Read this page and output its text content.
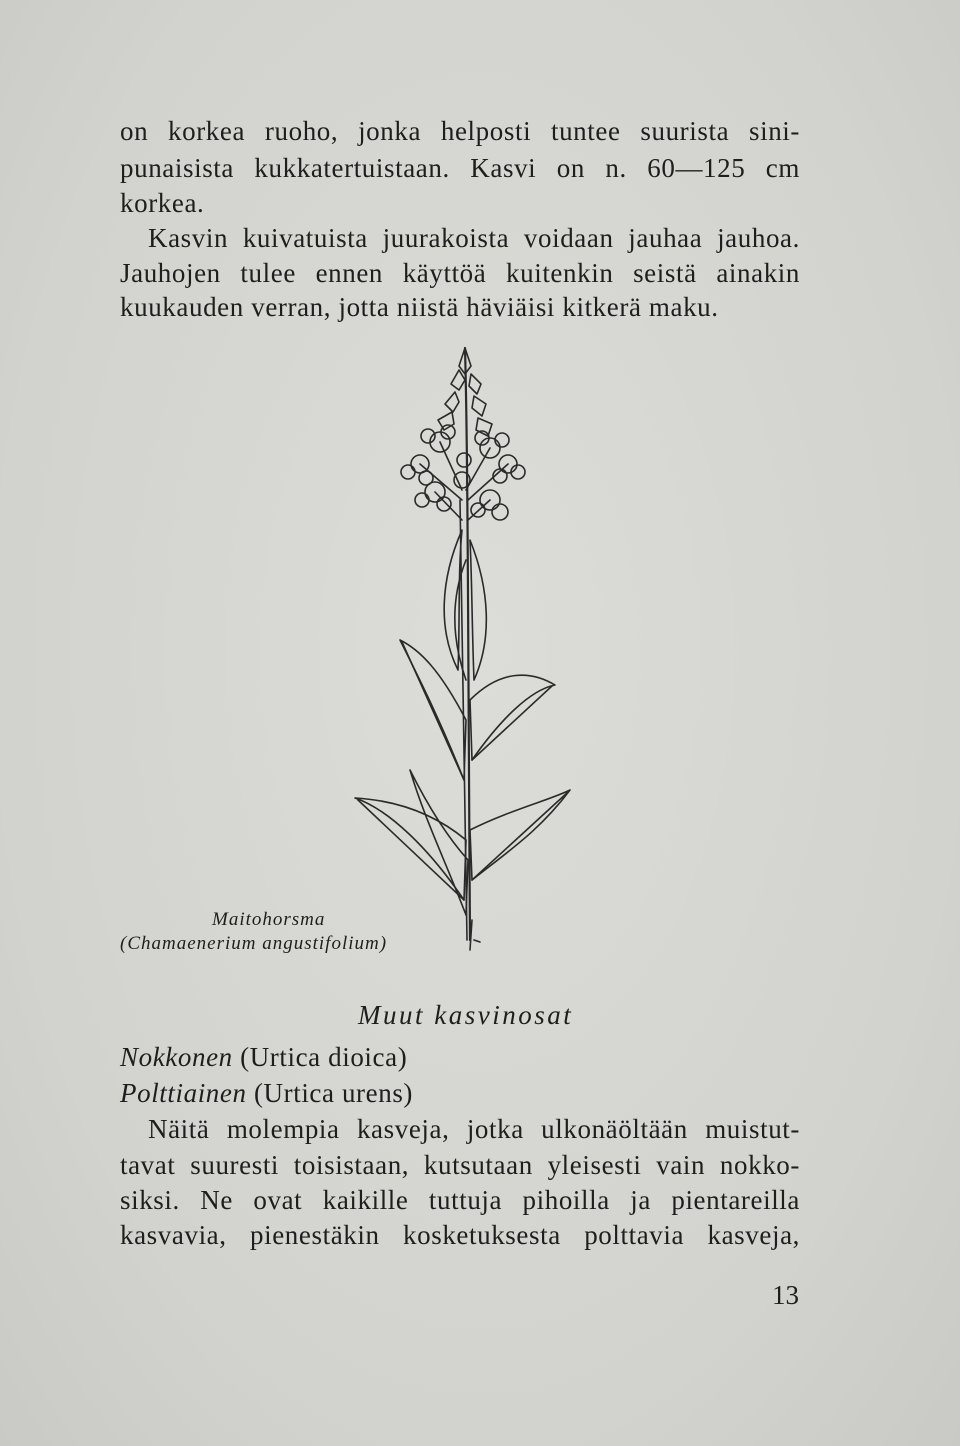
on korkea ruoho, jonka helposti tuntee suurista sini-
punaisista kukkatertuistaan. Kasvi on n. 60—125 cm
korkea.
Kasvin kuivatuista juurakoista voidaan jauhaa jauhoa.
Jauhojen tulee ennen käyttöä kuitenkin seistä ainakin
kuukauden verran, jotta niistä häviäisi kitkerä maku.
Maitohorsma
(Chamaenerium angustifolium)
Muut kasvinosat
Nokkonen (Urtica dioica)
Polttiainen (Urtica urens)
Näitä molempia kasveja, jotka ulkonäöltään muistut-
tavat suuresti toisistaan, kutsutaan yleisesti vain nokko-
siksi. Ne ovat kaikille tuttuja pihoilla ja pientareilla
kasvavia, pienestäkin kosketuksesta polttavia kasveja,
13
